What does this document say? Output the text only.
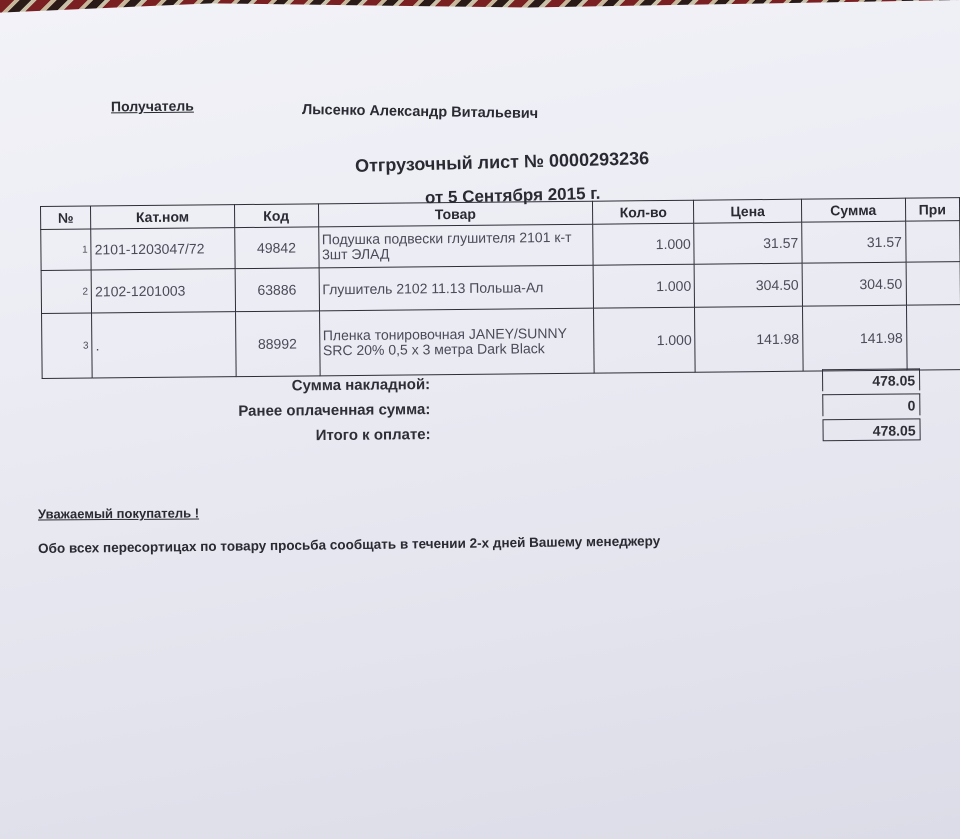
Получатель	Лысенко Александр Витальевич
Отгрузочный лист № 0000293236
от 5 Сентября 2015 г.
№	Кат.ном	Код	Товар	Кол-во	Цена	Сумма	При
1	2101-1203047/72	49842	Подушка подвески глушителя 2101 к-т 3шт ЭЛАД	1.000	31.57	31.57	
2	2102-1201003	63886	Глушитель 2102 11.13 Польша-Ал	1.000	304.50	304.50	
3	.	88992	Пленка тонировочная JANEY/SUNNY SRC 20% 0,5 x 3 метра Dark Black	1.000	141.98	141.98	
Сумма накладной:	478.05
Ранее оплаченная сумма:	0
Итого к оплате:	478.05
Уважаемый покупатель !
Обо всех пересортицах по товару просьба сообщать в течении 2-х дней Вашему менеджеру
